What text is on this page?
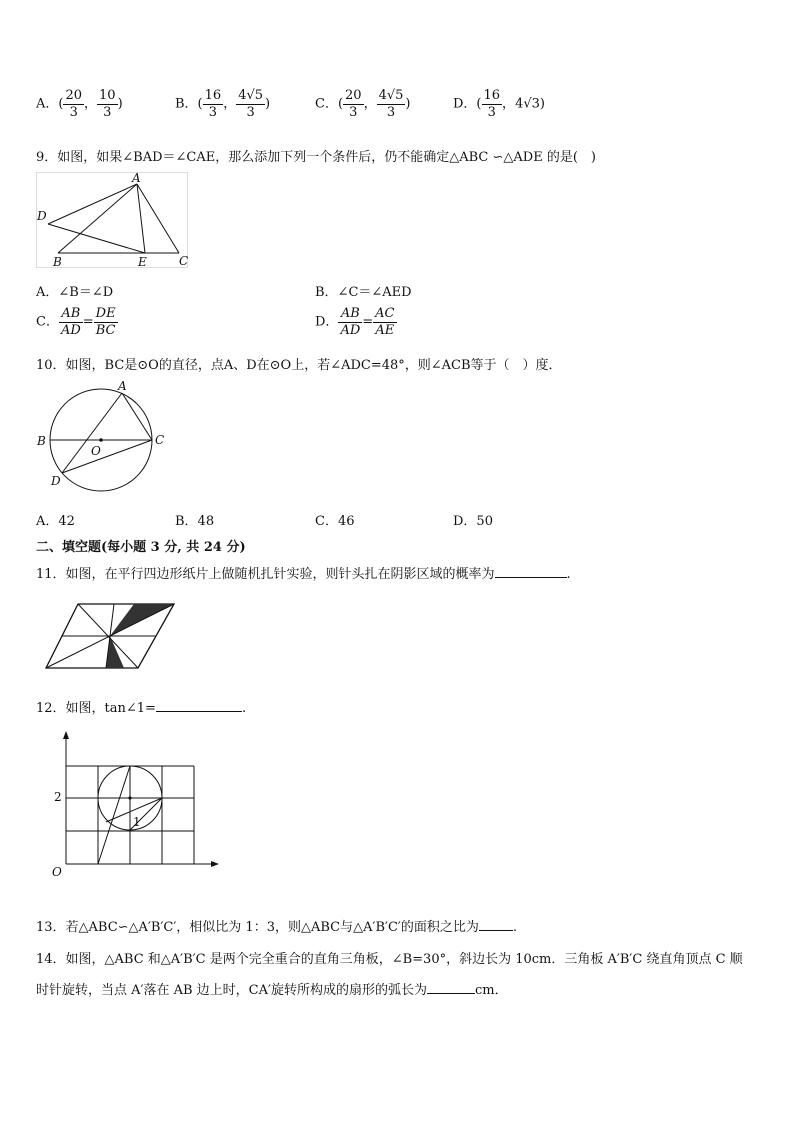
A．( $\frac{20}{3}$ ， $\frac{10}{3}$ )	B．( $\frac{16}{3}$ ， $\frac{4√5}{3}$ )	C．( $\frac{20}{3}$ ， $\frac{4√5}{3}$ )	D．( $\frac{16}{3}$ ，4√3)
9．如图，如果∠BAD＝∠CAE，那么添加下列一个条件后，仍不能确定△ABC ∽△ADE 的是(　)
A
D
B	E	C
A．∠B＝∠D	B．∠C＝∠AED
C． $\frac{AB}{AD} = \frac{DE}{BC}$	D． $\frac{AB}{AD} = \frac{AC}{AE}$
10．如图，BC是⊙O的直径，点A、D在⊙O上，若∠ADC=48°，则∠ACB等于（　）度．
A
B	C
D
O
A．42	B．48	C．46	D．50
二、填空题(每小题 3 分, 共 24 分)
11．如图，在平行四边形纸片上做随机扎针实验，则针头扎在阴影区域的概率为	.
12．如图，tan∠1=	.
2
O
1
13．若△ABC∽△A′B′C′，相似比为 1：3，则△ABC与△A′B′C′的面积之比为	.
14．如图，△ABC 和△A′B′C 是两个完全重合的直角三角板，∠B=30°，斜边长为 10cm．三角板 A′B′C 绕直角顶点 C 顺
时针旋转，当点 A′落在 AB 边上时，CA′旋转所构成的扇形的弧长为	cm．
